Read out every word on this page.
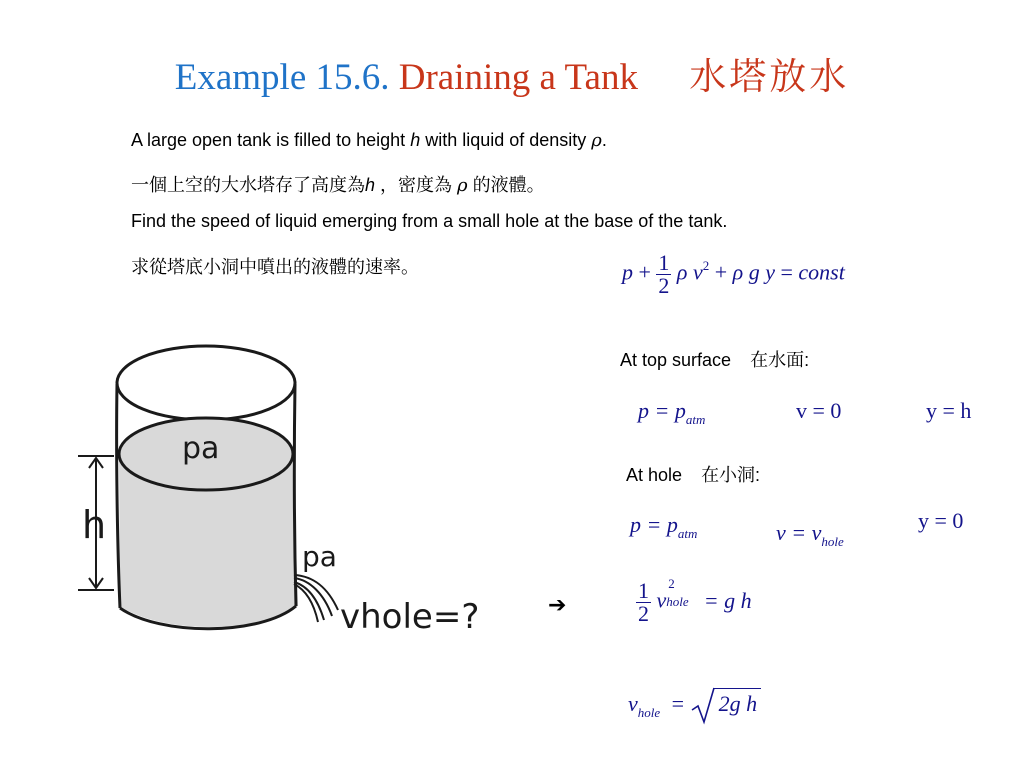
Example 15.6. Draining a Tank 水塔放水
A large open tank is filled to height h with liquid of density ρ.
一個上空的大水塔存了高度為h ，密度為 ρ 的液體。
Find the speed of liquid emerging from a small hole at the base of the tank.
求從塔底小洞中噴出的液體的速率。	$p + \frac{1}{2}$ ρ $v^2 + \rho$ g y = const
At top surface 在水面:
$p = p_{atm}$	v = 0	y = h
At hole 在小洞:
$p = p_{atm}$	$v = v_{hole}$
y = 0
➔	$\frac{1}{2}$ v
2
hole = g h
$v_{hole} = 2g$ h
pa
h
pa
vhole=?
